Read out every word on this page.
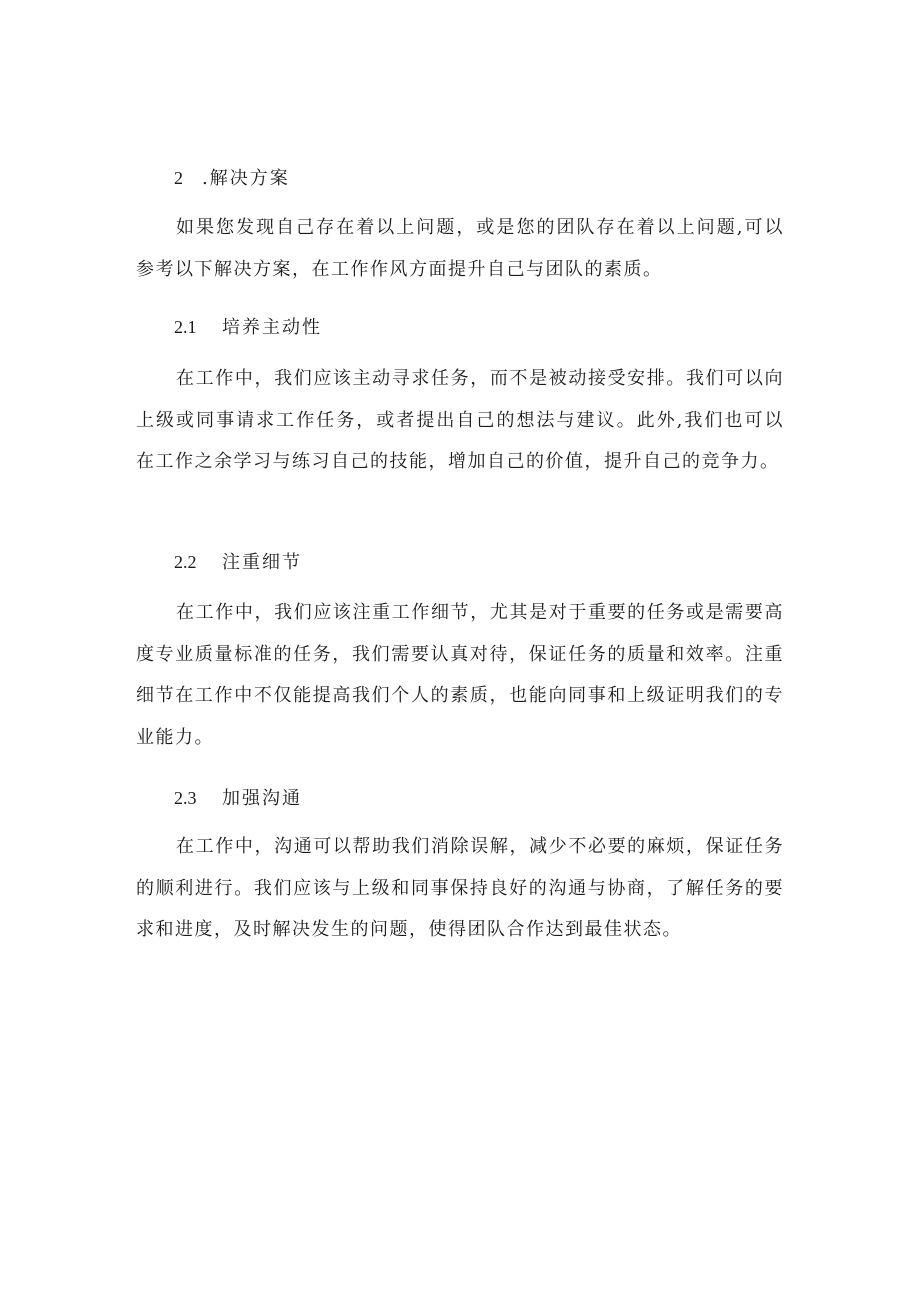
2 .解决方案

如果您发现自己存在着以上问题，或是您的团队存在着以上问题,可以参考以下解决方案，在工作作风方面提升自己与团队的素质。

2.1 培养主动性

在工作中，我们应该主动寻求任务，而不是被动接受安排。我们可以向上级或同事请求工作任务，或者提出自己的想法与建议。此外,我们也可以在工作之余学习与练习自己的技能，增加自己的价值，提升自己的竞争力。

2.2 注重细节

在工作中，我们应该注重工作细节，尤其是对于重要的任务或是需要高度专业质量标准的任务，我们需要认真对待，保证任务的质量和效率。注重细节在工作中不仅能提高我们个人的素质，也能向同事和上级证明我们的专业能力。

2.3 加强沟通

在工作中，沟通可以帮助我们消除误解，减少不必要的麻烦，保证任务的顺利进行。我们应该与上级和同事保持良好的沟通与协商，了解任务的要求和进度，及时解决发生的问题，使得团队合作达到最佳状态。
